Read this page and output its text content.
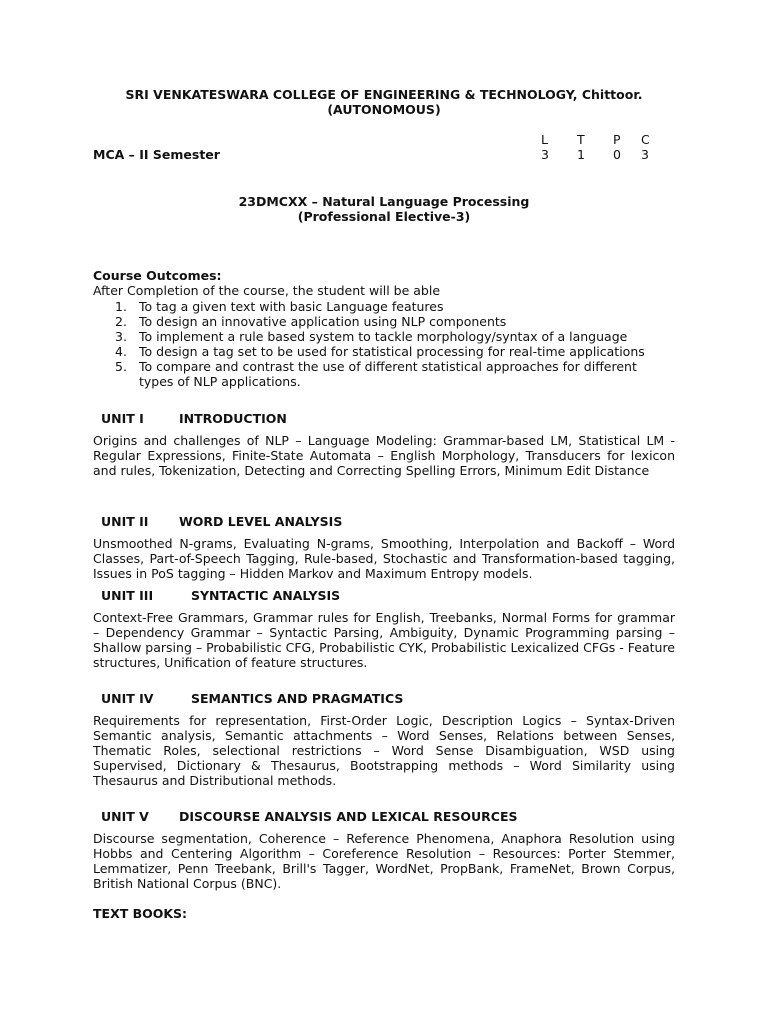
SRI VENKATESWARA COLLEGE OF ENGINEERING & TECHNOLOGY, Chittoor.
(AUTONOMOUS)
L	T	P	C
MCA – II Semester	3	1	0	3
23DMCXX – Natural Language Processing
(Professional Elective-3)
Course Outcomes:
After Completion of the course, the student will be able
1. To tag a given text with basic Language features
2. To design an innovative application using NLP components
3. To implement a rule based system to tackle morphology/syntax of a language
4. To design a tag set to be used for statistical processing for real-time applications
5. To compare and contrast the use of different statistical approaches for different types of NLP applications.
UNIT I	INTRODUCTION
Origins and challenges of NLP – Language Modeling: Grammar-based LM, Statistical LM - Regular Expressions, Finite-State Automata – English Morphology, Transducers for lexicon and rules, Tokenization, Detecting and Correcting Spelling Errors, Minimum Edit Distance
UNIT II WORD LEVEL ANALYSIS
Unsmoothed N-grams, Evaluating N-grams, Smoothing, Interpolation and Backoff – Word Classes, Part-of-Speech Tagging, Rule-based, Stochastic and Transformation-based tagging, Issues in PoS tagging – Hidden Markov and Maximum Entropy models.
UNIT III	SYNTACTIC ANALYSIS
Context-Free Grammars, Grammar rules for English, Treebanks, Normal Forms for grammar – Dependency Grammar – Syntactic Parsing, Ambiguity, Dynamic Programming parsing – Shallow parsing – Probabilistic CFG, Probabilistic CYK, Probabilistic Lexicalized CFGs - Feature structures, Unification of feature structures.
UNIT IV	SEMANTICS AND PRAGMATICS
Requirements for representation, First-Order Logic, Description Logics – Syntax-Driven Semantic analysis, Semantic attachments – Word Senses, Relations between Senses, Thematic Roles, selectional restrictions – Word Sense Disambiguation, WSD using Supervised, Dictionary & Thesaurus, Bootstrapping methods – Word Similarity using Thesaurus and Distributional methods.
UNIT V DISCOURSE ANALYSIS AND LEXICAL RESOURCES
Discourse segmentation, Coherence – Reference Phenomena, Anaphora Resolution using Hobbs and Centering Algorithm – Coreference Resolution – Resources: Porter Stemmer, Lemmatizer, Penn Treebank, Brill's Tagger, WordNet, PropBank, FrameNet, Brown Corpus, British National Corpus (BNC).
TEXT BOOKS:
